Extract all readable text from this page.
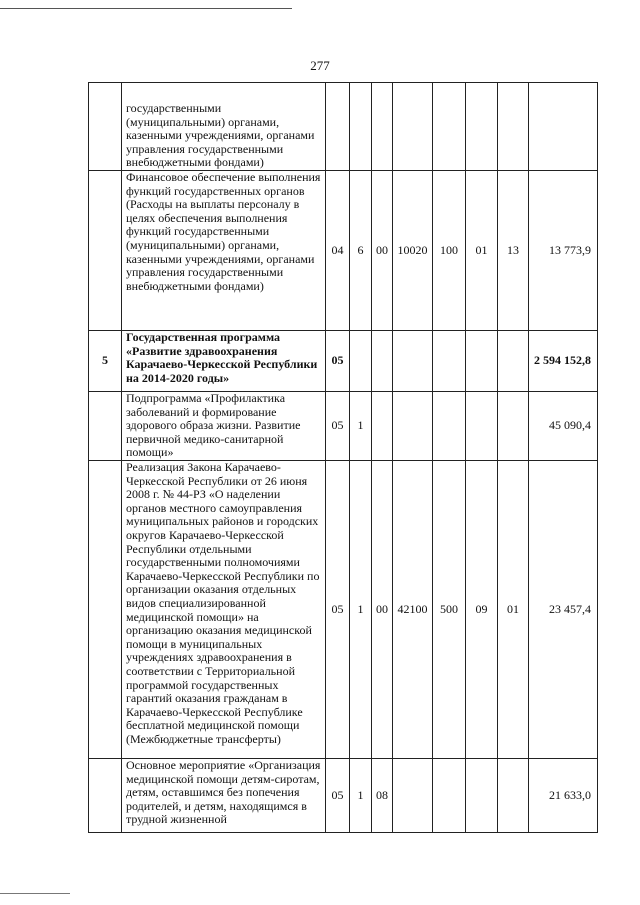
277
	государственными (муниципальными) органами, казенными учреждениями, органами управления государственными внебюджетными фондами)								
	Финансовое обеспечение выполнения функций государственных органов (Расходы на выплаты персоналу в целях обеспечения выполнения функций государственными (муниципальными) органами, казенными учреждениями, органами управления государственными внебюджетными фондами)	04	6	00	10020	100	01	13	13 773,9
5	Государственная программа «Развитие здравоохранения Карачаево-Черкесской Республики на 2014-2020 годы»	05							2 594 152,8
	Подпрограмма «Профилактика заболеваний и формирование здорового образа жизни. Развитие первичной медико-санитарной помощи»	05	1						45 090,4
	Реализация Закона Карачаево-Черкесской Республики от 26 июня 2008 г. № 44-РЗ «О наделении органов местного самоуправления муниципальных районов и городских округов Карачаево-Черкесской Республики отдельными государственными полномочиями Карачаево-Черкесской Республики по организации оказания отдельных видов специализированной медицинской помощи» на организацию оказания медицинской помощи в муниципальных учреждениях здравоохранения в соответствии с Территориальной программой государственных гарантий оказания гражданам в Карачаево-Черкесской Республике бесплатной медицинской помощи (Межбюджетные трансферты)	05	1	00	42100	500	09	01	23 457,4
	Основное мероприятие «Организация медицинской помощи детям-сиротам, детям, оставшимся без попечения родителей, и детям, находящимся в трудной жизненной	05	1	08					21 633,0
